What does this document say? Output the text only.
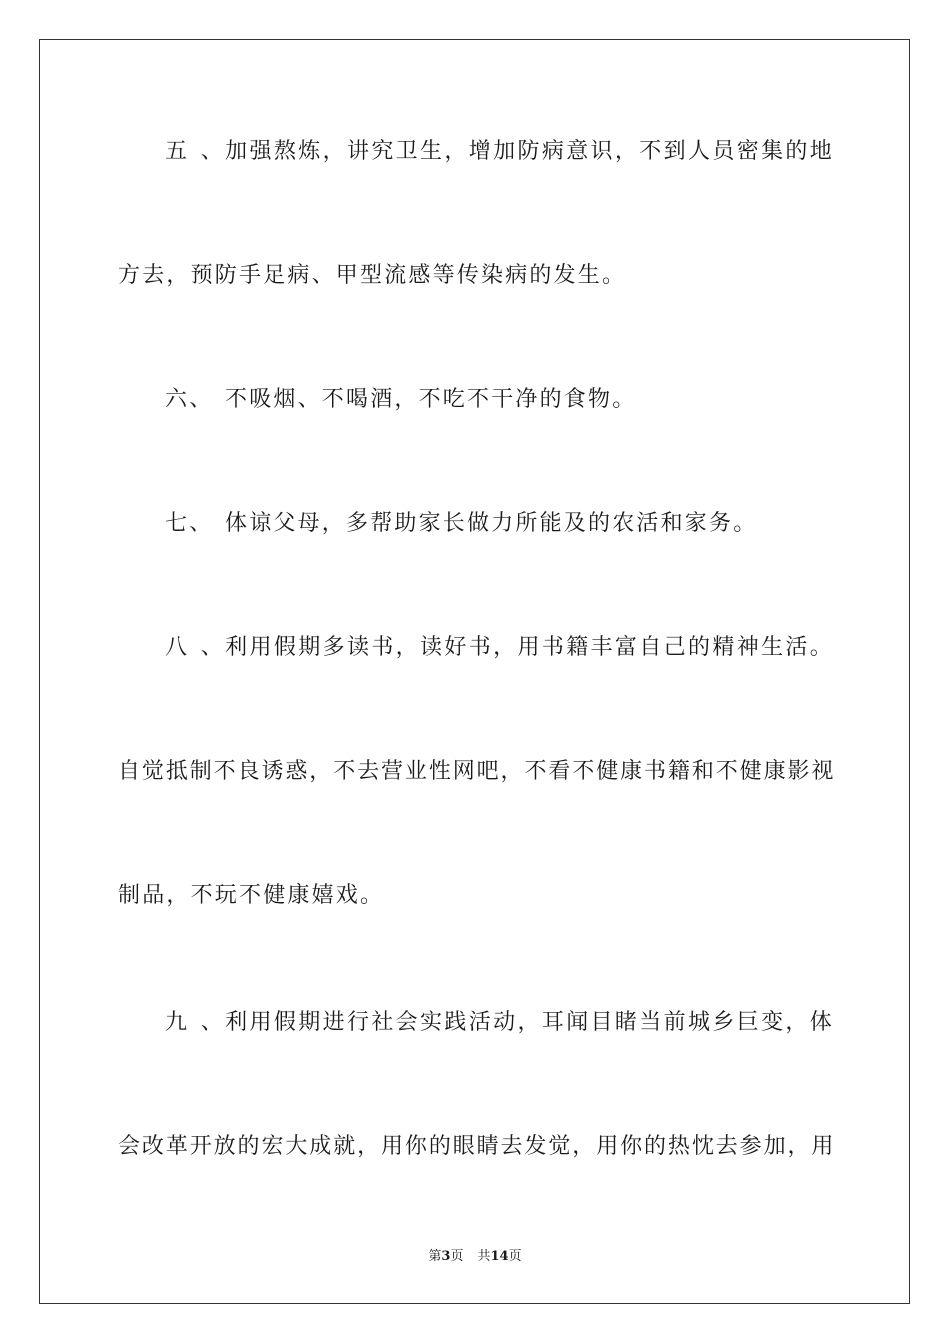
五、加强熬炼，讲究卫生，增加防病意识，不到人员密集的地
方去，预防手足病、甲型流感等传染病的发生。
六、 不吸烟、不喝酒，不吃不干净的食物。
七、 体谅父母，多帮助家长做力所能及的农活和家务。
八、利用假期多读书，读好书，用书籍丰富自己的精神生活。
自觉抵制不良诱惑，不去营业性网吧，不看不健康书籍和不健康影视
制品，不玩不健康嬉戏。
九、利用假期进行社会实践活动，耳闻目睹当前城乡巨变，体
会改革开放的宏大成就，用你的眼睛去发觉，用你的热忱去参加，用
第3页 共14页
